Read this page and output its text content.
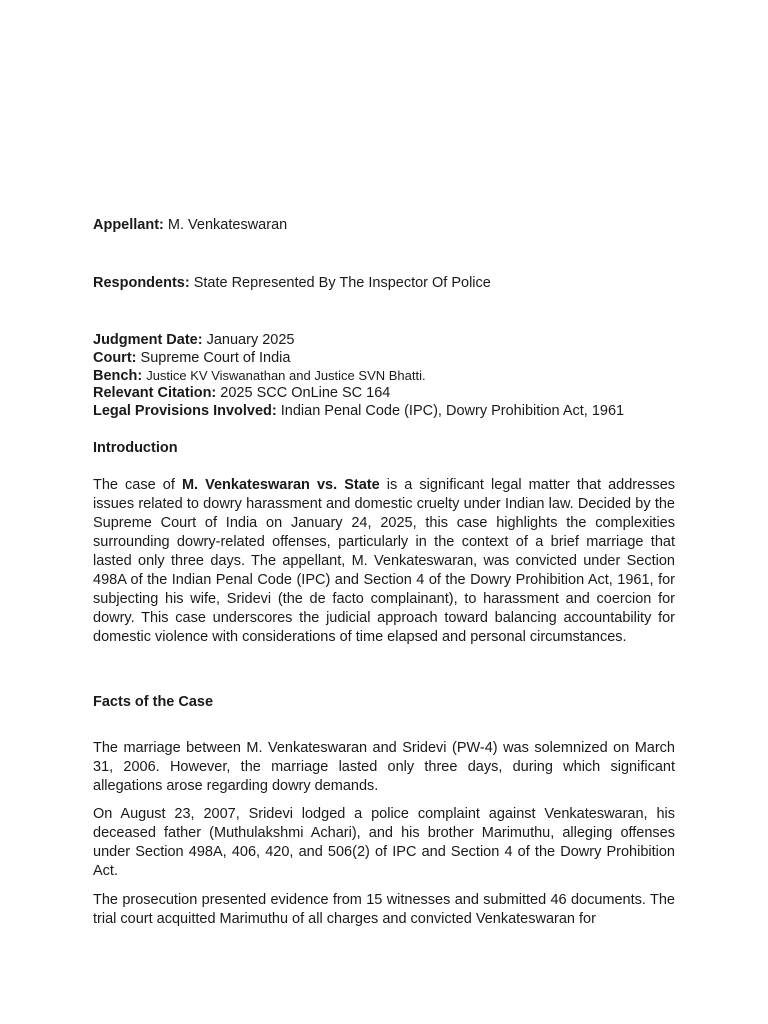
Appellant: M. Venkateswaran
Respondents: State Represented By The Inspector Of Police
Judgment Date: January 2025
Court: Supreme Court of India
Bench: Justice KV Viswanathan and Justice SVN Bhatti.
Relevant Citation: 2025 SCC OnLine SC 164
Legal Provisions Involved: Indian Penal Code (IPC), Dowry Prohibition Act, 1961
Introduction

The case of M. Venkateswaran vs. State is a significant legal matter that addresses issues related to dowry harassment and domestic cruelty under Indian law. Decided by the Supreme Court of India on January 24, 2025, this case highlights the complexities surrounding dowry-related offenses, particularly in the context of a brief marriage that lasted only three days. The appellant, M. Venkateswaran, was convicted under Section 498A of the Indian Penal Code (IPC) and Section 4 of the Dowry Prohibition Act, 1961, for subjecting his wife, Sridevi (the de facto complainant), to harassment and coercion for dowry. This case underscores the judicial approach toward balancing accountability for domestic violence with considerations of time elapsed and personal circumstances.

Facts of the Case

The marriage between M. Venkateswaran and Sridevi (PW-4) was solemnized on March 31, 2006. However, the marriage lasted only three days, during which significant allegations arose regarding dowry demands.

On August 23, 2007, Sridevi lodged a police complaint against Venkateswaran, his deceased father (Muthulakshmi Achari), and his brother Marimuthu, alleging offenses under Section 498A, 406, 420, and 506(2) of IPC and Section 4 of the Dowry Prohibition Act.

The prosecution presented evidence from 15 witnesses and submitted 46 documents. The trial court acquitted Marimuthu of all charges and convicted Venkateswaran for
